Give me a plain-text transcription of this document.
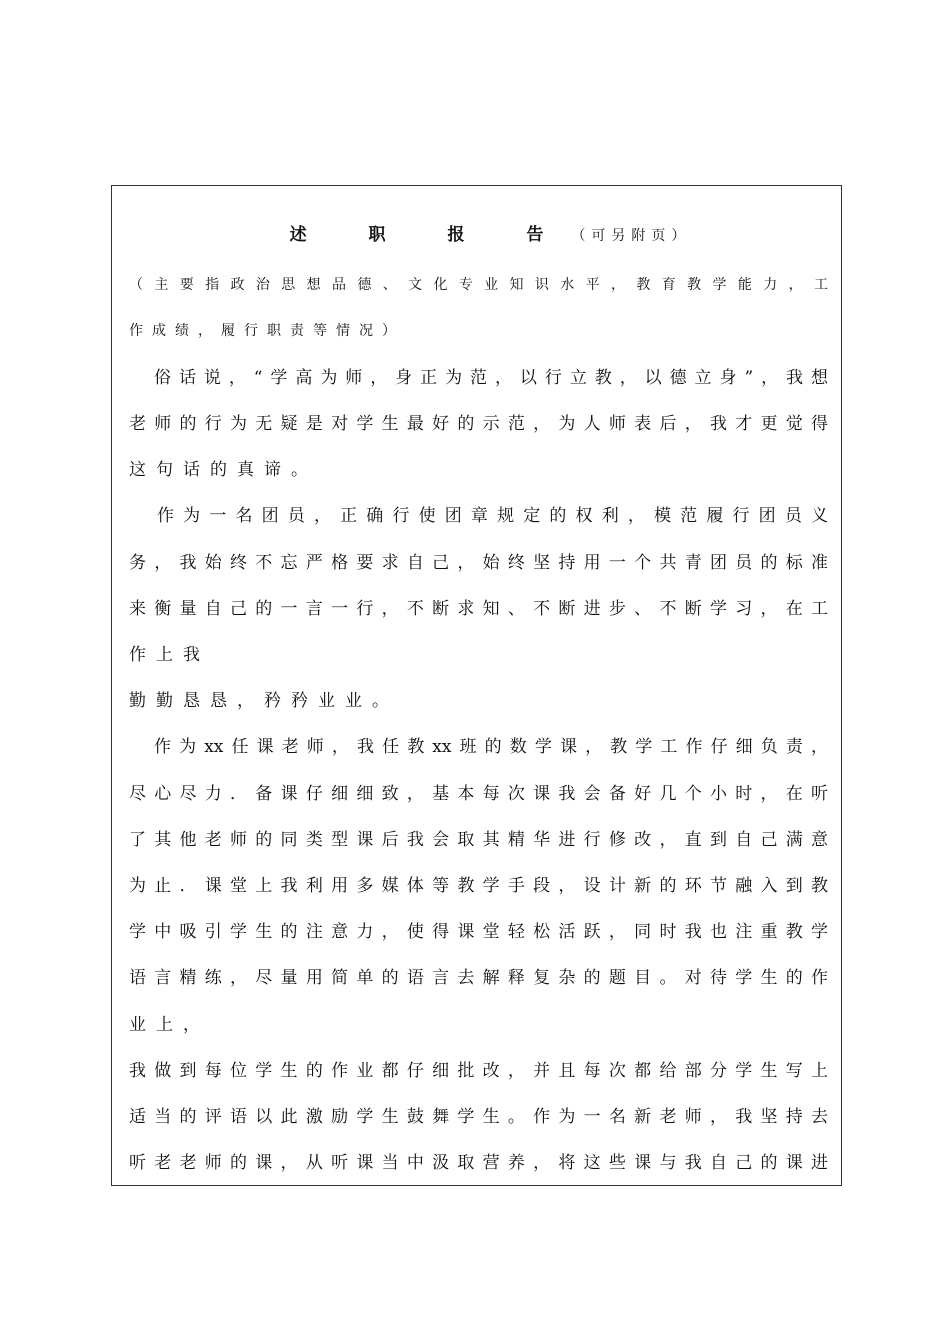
述	职	报	告 （可另附页）
（主要指政治思想品德、文化专业知识水平，教育教学能力，工
作成绩，履行职责等情况）
俗话说，“学高为师，身正为范，以行立教，以德立身”，我想
老师的行为无疑是对学生最好的示范，为人师表后，我才更觉得
这句话的真谛。
作为一名团员，正确行使团章规定的权利，模范履行团员义
务，我始终不忘严格要求自己，始终坚持用一个共青团员的标准
来衡量自己的一言一行，不断求知、不断进步、不断学习，在工
作上我
勤勤恳恳，矜矜业业。
作为xx任课老师，我任教xx班的数学课，教学工作仔细负责，
尽心尽力．备课仔细细致，基本每次课我会备好几个小时，在听
了其他老师的同类型课后我会取其精华进行修改，直到自己满意
为止．课堂上我利用多媒体等教学手段，设计新的环节融入到教
学中吸引学生的注意力，使得课堂轻松活跃，同时我也注重教学
语言精练，尽量用简单的语言去解释复杂的题目。对待学生的作
业上，
我做到每位学生的作业都仔细批改，并且每次都给部分学生写上
适当的评语以此激励学生鼓舞学生。作为一名新老师，我坚持去
听老老师的课，从听课当中汲取营养，将这些课与我自己的课进
